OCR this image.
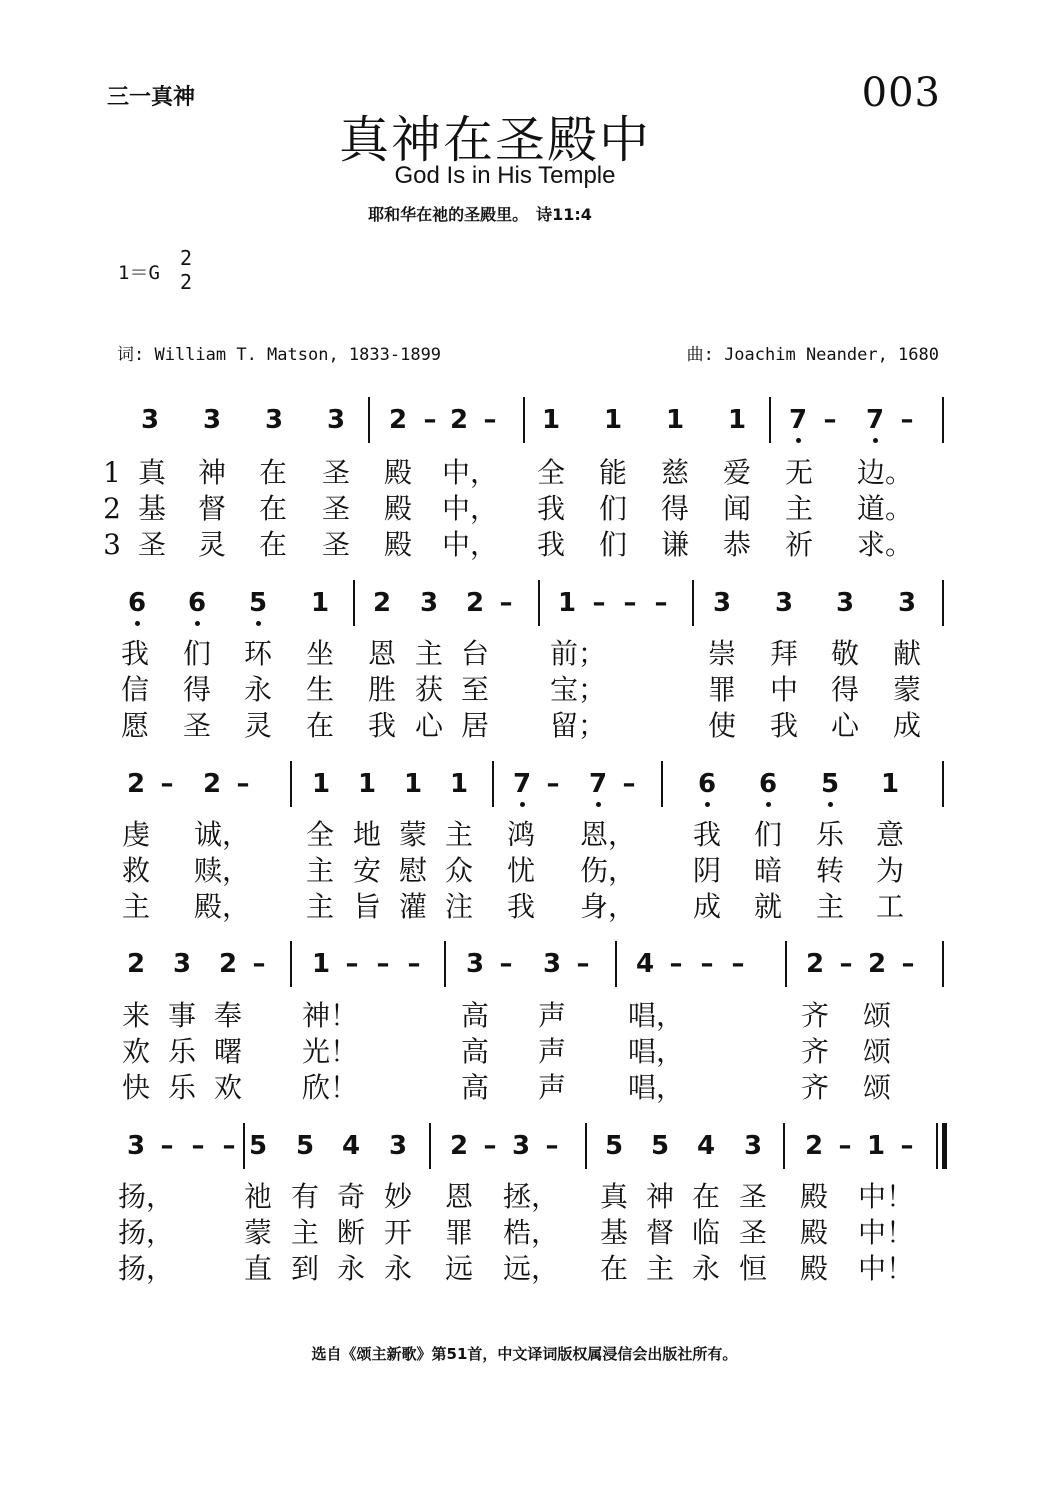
三一真神	003
真神在圣殿中
God Is in His Temple
耶和华在祂的圣殿里。　诗11:4
1＝G
2
2
词: William T. Matson, 1833-1899	曲: Joachim Neander, 1680
3 3 3 3 2 – 2 –	1 1 1 1 7 –	7 –
1 真 神 在 圣 殿 中， 全 能 慈 爱 无 边。
2 基 督 在 圣 殿 中， 我 们 得 闻 主 道。
3 圣 灵 在 圣 殿 中， 我 们 谦 恭 祈 求。
6 6 5 1 2 3 2 –	1 – – –	3 3 3 3
我 们 环 坐 恩 主 台 前；	崇 拜 敬 献
信 得 永 生 胜 获 至 宝；	罪 中 得 蒙
愿 圣 灵 在 我 心 居 留；	使 我 心 成
2 –	2 –	1 1 1 1 7 –	7 –	6 6 5 1
虔 诚， 全 地 蒙 主 鸿 恩， 我 们 乐 意
救 赎， 主 安 慰 众 忧 伤， 阴 暗 转 为
主 殿， 主 旨 灌 注 我 身， 成 就 主 工
2 3 2 –	1 – – –	3 –	3 –	4 – – –	2 – 2 –
来 事 奉 神！	高 声 唱，	齐 颂
欢 乐 曙 光！	高 声 唱，	齐 颂
快 乐 欢 欣！	高 声 唱，	齐 颂
3 – – – 5 5 4 3 2 – 3 –	5 5 4 3 2 – 1 –
扬， 祂 有 奇 妙 恩 拯， 真 神 在 圣 殿 中！
扬， 蒙 主 断 开 罪 梏， 基 督 临 圣 殿 中！
扬， 直 到 永 永 远 远， 在 主 永 恒 殿 中！
选自《颂主新歌》第51首，中文译词版权属浸信会出版社所有。
